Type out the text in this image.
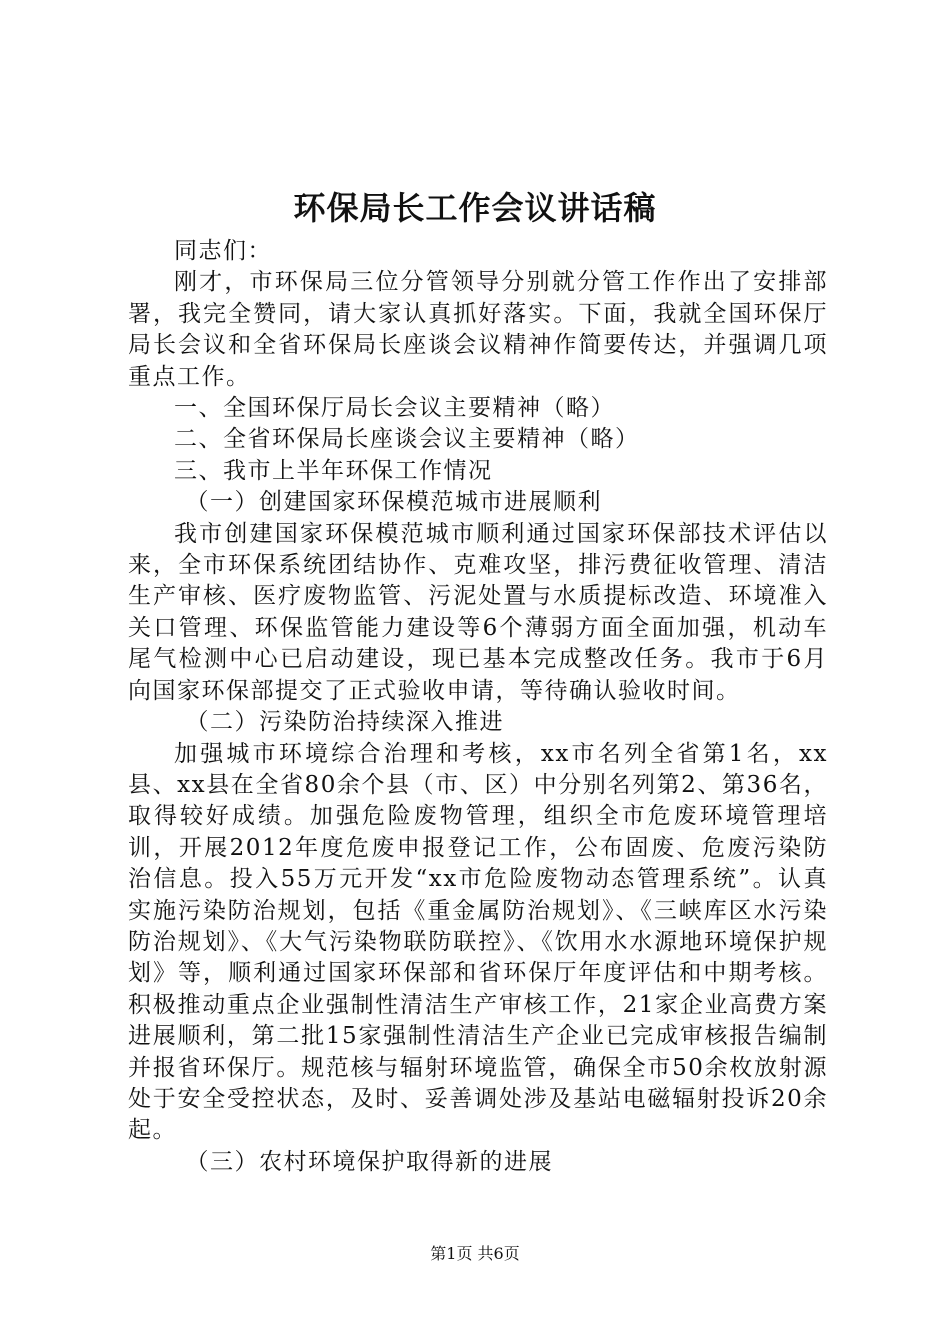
环保局长工作会议讲话稿

同志们：

刚才，市环保局三位分管领导分别就分管工作作出了安排部署，我完全赞同，请大家认真抓好落实。下面，我就全国环保厅局长会议和全省环保局长座谈会议精神作简要传达，并强调几项重点工作。

一、全国环保厅局长会议主要精神（略）

二、全省环保局长座谈会议主要精神（略）

三、我市上半年环保工作情况

（一）创建国家环保模范城市进展顺利

我市创建国家环保模范城市顺利通过国家环保部技术评估以来，全市环保系统团结协作、克难攻坚，排污费征收管理、清洁生产审核、医疗废物监管、污泥处置与水质提标改造、环境准入关口管理、环保监管能力建设等6个薄弱方面全面加强，机动车尾气检测中心已启动建设，现已基本完成整改任务。我市于6月向国家环保部提交了正式验收申请，等待确认验收时间。

（二）污染防治持续深入推进

加强城市环境综合治理和考核，xx市名列全省第1名，xx县、xx县在全省80余个县（市、区）中分别名列第2、第36名，取得较好成绩。加强危险废物管理，组织全市危废环境管理培训，开展2012年度危废申报登记工作，公布固废、危废污染防治信息。投入55万元开发“xx市危险废物动态管理系统”。认真实施污染防治规划，包括《重金属防治规划》、《三峡库区水污染防治规划》、《大气污染物联防联控》、《饮用水水源地环境保护规划》等，顺利通过国家环保部和省环保厅年度评估和中期考核。积极推动重点企业强制性清洁生产审核工作，21家企业高费方案进展顺利，第二批15家强制性清洁生产企业已完成审核报告编制并报省环保厅。规范核与辐射环境监管，确保全市50余枚放射源处于安全受控状态，及时、妥善调处涉及基站电磁辐射投诉20余起。

（三）农村环境保护取得新的进展

第1页 共6页
